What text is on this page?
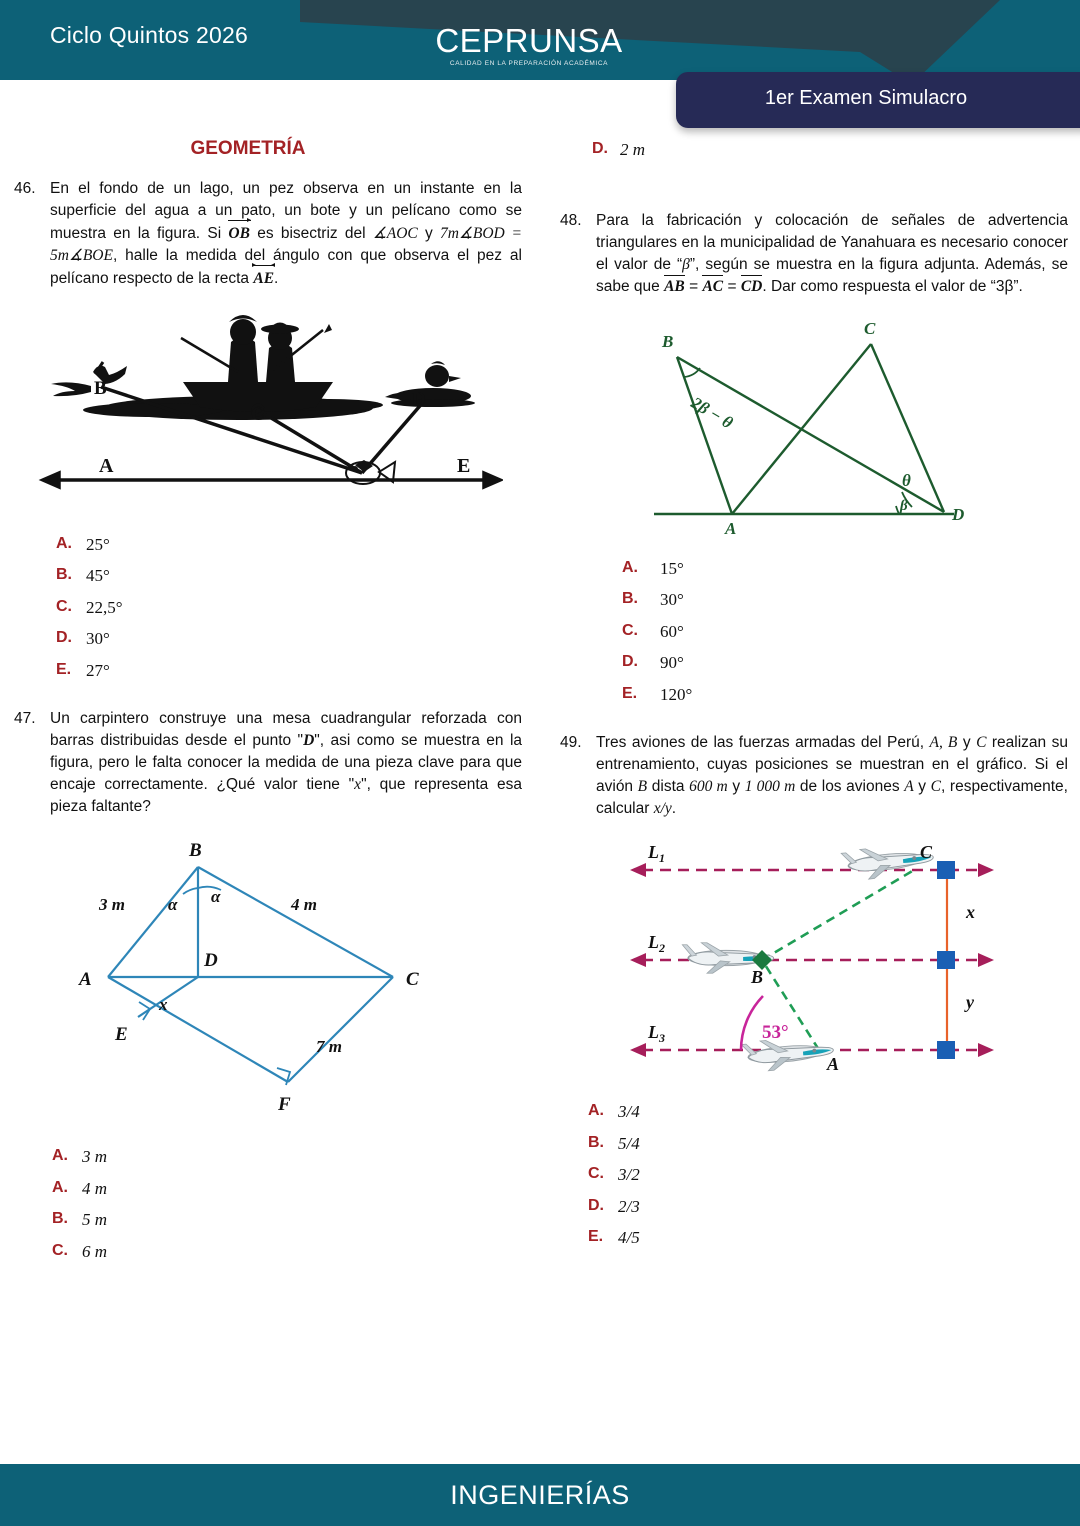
Ciclo Quintos 2026	CEPRUNSA
CALIDAD EN LA PREPARACIÓN ACADÉMICA
1er Examen Simulacro
D. 2 m
GEOMETRÍA
46. En el fondo de un lago, un pez observa en un instante en la superficie del agua a un pato, un bote y un pelícano como se muestra en la figura. Si OB es bisectriz del ∡AOC y 7m∡BOD = 5m∡BOE, halle la medida del ángulo con que observa el pez al pelícano respecto de la recta AE.
B
C
D
A	E
A. 25°
B. 45°
C. 22,5°
D. 30°
E. 27°
47. Un carpintero construye una mesa cuadrangular reforzada con barras distribuidas desde el punto "D", asi como se muestra en la figura, pero le falta conocer la medida de una pieza clave para que encaje correctamente. ¿Qué valor tiene "x", que representa esa pieza faltante?
B
A	C
D
E
F
3 m	4 m
7 m
α α
x
A. 3 m
A. 4 m
B. 5 m
C. 6 m
48. Para la fabricación y colocación de señales de advertencia triangulares en la municipalidad de Yanahuara es necesario conocer el valor de “β”, según se muestra en la figura adjunta. Además, se sabe que AB = AC = CD. Dar como respuesta el valor de “3β”.
B
C
A
D
2β − θ
θ
β
A.	15°
B.	30°
C.	60°
D.	90°
E.	120°
49. Tres aviones de las fuerzas armadas del Perú, A, B y C realizan su entrenamiento, cuyas posiciones se muestran en el gráfico. Si el avión B dista 600 m y 1 000 m de los aviones A y C, respectivamente, calcular x/y.
53°
$L_1$
$L_2$
$L_3$
C
B
A
x
y
A. 3/4
B. 5/4
C. 3/2
D. 2/3
E. 4/5
INGENIERÍAS
